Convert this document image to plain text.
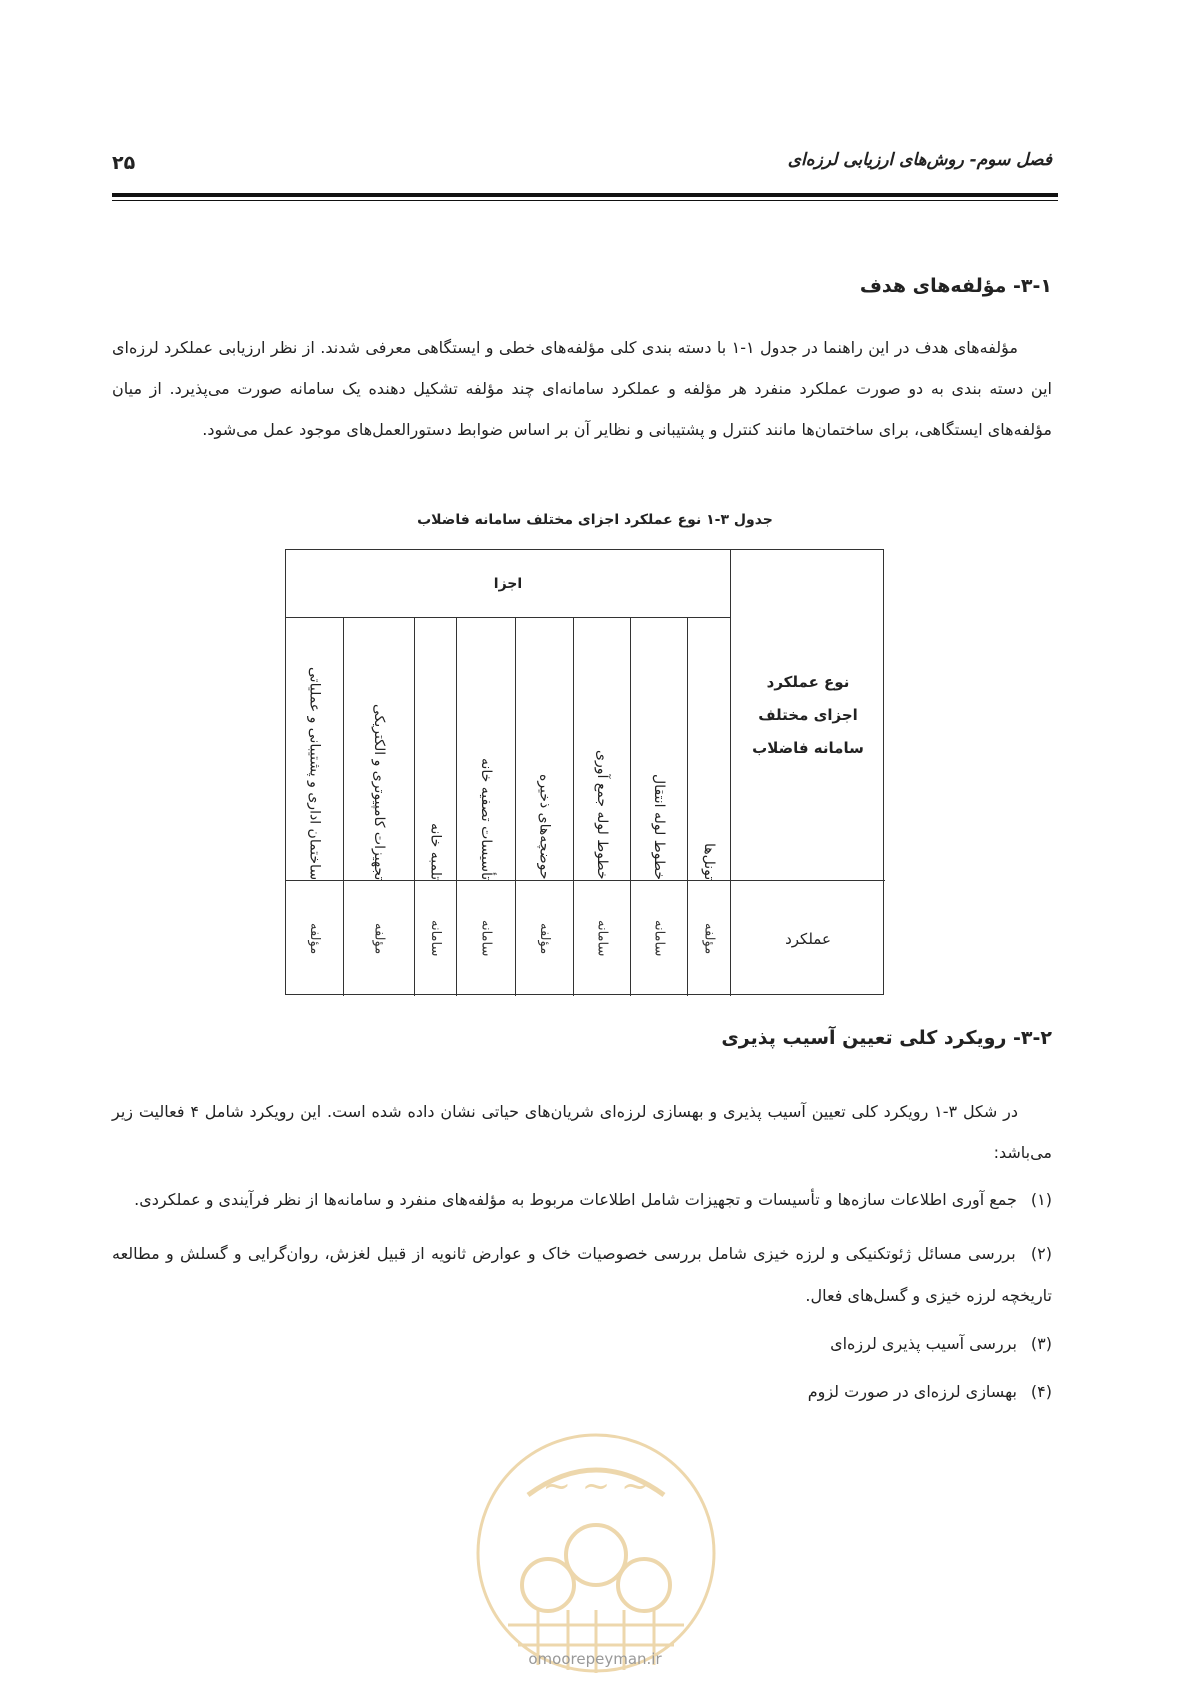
فصل سوم- روش‌های ارزیابی لرزه‌ای
۲۵
۳-۱- مؤلفه‌های هدف

مؤلفه‌های هدف در این راهنما در جدول ۱-۱ با دسته بندی کلی مؤلفه‌های خطی و ایستگاهی معرفی شدند. از نظر ارزیابی عملکرد لرزه‌ای این دسته بندی به دو صورت عملکرد منفرد هر مؤلفه و عملکرد سامانه‌ای چند مؤلفه تشکیل دهنده یک سامانه صورت می‌پذیرد. از میان مؤلفه‌های ایستگاهی، برای ساختمان‌ها مانند کنترل و پشتیبانی و نظایر آن بر اساس ضوابط دستورالعمل‌های موجود عمل می‌شود.

جدول ۳-۱ نوع عملکرد اجزای مختلف سامانه فاضلاب
اجزا
نوع عملکرد اجزای مختلف سامانه فاضلاب
عملکرد
تونل‌ها
خطوط لوله انتقال
خطوط لوله جمع آوری
حوضچه‌های ذخیره
تأسیسات تصفیه خانه
تلمبه خانه
تجهیزات کامپیوتری و الکتریکی
ساختمان اداری و پشتیبانی و عملیاتی
مؤلفه
سامانه
سامانه
مؤلفه
سامانه
سامانه
مؤلفه
مؤلفه
۳-۲- رویکرد کلی تعیین آسیب پذیری

در شکل ۳-۱ رویکرد کلی تعیین آسیب پذیری و بهسازی لرزه‌ای شریان‌های حیاتی نشان داده شده است. این رویکرد شامل ۴ فعالیت زیر می‌باشد:

(۱) جمع آوری اطلاعات سازه‌ها و تأسیسات و تجهیزات شامل اطلاعات مربوط به مؤلفه‌های منفرد و سامانه‌ها از نظر فرآیندی و عملکردی.
(۲) بررسی مسائل ژئوتکنیکی و لرزه خیزی شامل بررسی خصوصیات خاک و عوارض ثانویه از قبیل لغزش، روان‌گرایی و گسلش و مطالعه تاریخچه لرزه خیزی و گسل‌های فعال.
(۳) بررسی آسیب پذیری لرزه‌ای
(۴) بهسازی لرزه‌ای در صورت لزوم
~ ~ ~
omoorepeyman.ir
